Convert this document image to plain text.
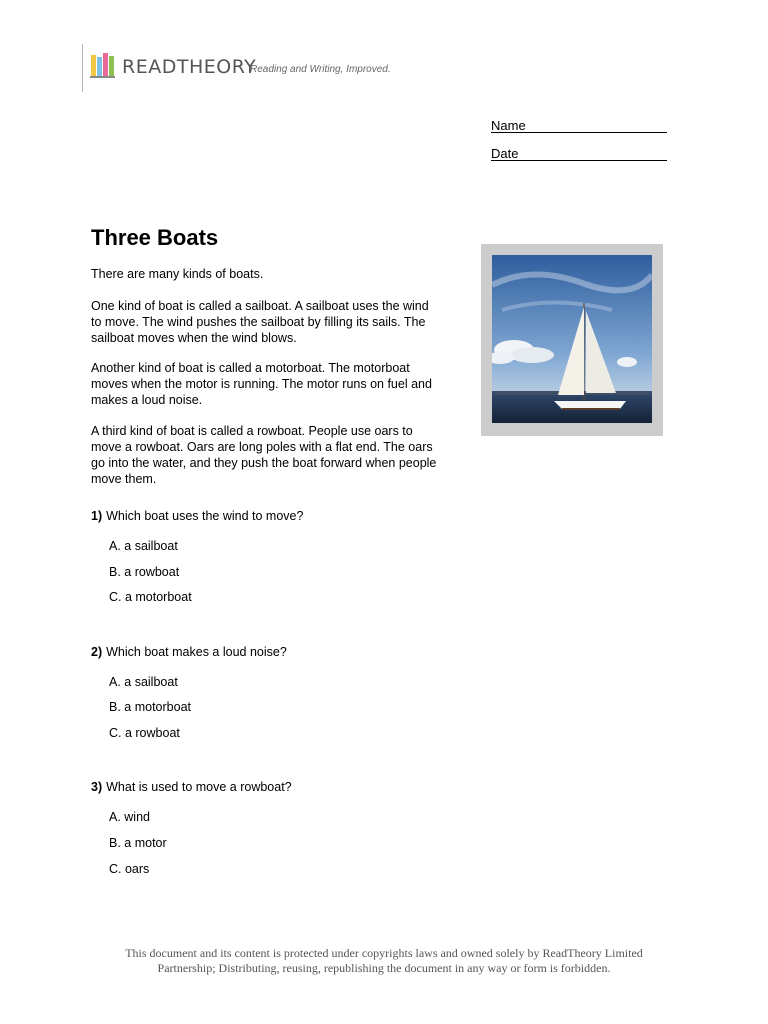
READTHEORY
Reading and Writing, Improved.
Name
Date
Three Boats

There are many kinds of boats.

One kind of boat is called a sailboat. A sailboat uses the wind to move. The wind pushes the sailboat by filling its sails. The sailboat moves when the wind blows.

Another kind of boat is called a motorboat. The motorboat moves when the motor is running. The motor runs on fuel and makes a loud noise.

A third kind of boat is called a rowboat. People use oars to move a rowboat. Oars are long poles with a flat end. The oars go into the water, and they push the boat forward when people move them.

1) Which boat uses the wind to move?
A. a sailboat
B. a rowboat
C. a motorboat
2) Which boat makes a loud noise?
A. a sailboat
B. a motorboat
C. a rowboat
3) What is used to move a rowboat?
A. wind
B. a motor
C. oars
This document and its content is protected under copyrights laws and owned solely by ReadTheory Limited
Partnership; Distributing, reusing, republishing the document in any way or form is forbidden.
